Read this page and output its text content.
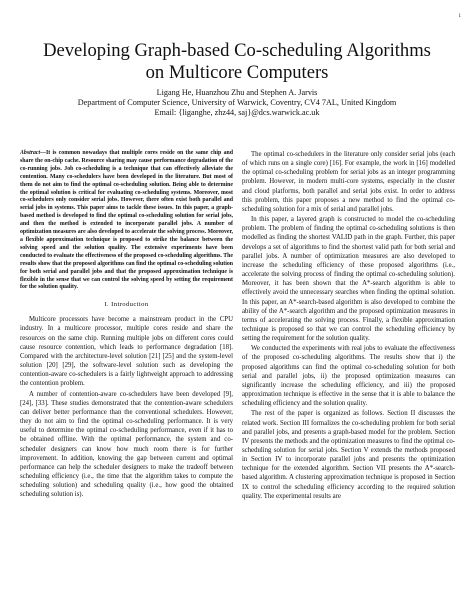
1
Developing Graph-based Co-scheduling Algorithms
on Multicore Computers
Ligang He, Huanzhou Zhu and Stephen A. Jarvis
Department of Computer Science, University of Warwick, Coventry, CV4 7AL, United Kingdom
Email: {liganghe, zhz44, saj}@dcs.warwick.ac.uk

Abstract—It is common nowadays that multiple cores reside on the same chip and share the on-chip cache. Resource sharing may cause performance degradation of the co-running jobs. Job co-scheduling is a technique that can effectively alleviate the contention. Many co-schedulers have been developed in the literature. But most of them do not aim to find the optimal co-scheduling solution. Being able to determine the optimal solution is critical for evaluating co-scheduling systems. Moreover, most co-schedulers only consider serial jobs. However, there often exist both parallel and serial jobs in systems. This paper aims to tackle these issues. In this paper, a graph-based method is developed to find the optimal co-scheduling solution for serial jobs, and then the method is extended to incorporate parallel jobs. A number of optimization measures are also developed to accelerate the solving process. Moreover, a flexible approximation technique is proposed to strike the balance between the solving speed and the solution quality. The extensive experiments have been conducted to evaluate the effectiveness of the proposed co-scheduling algorithms. The results show that the proposed algorithms can find the optimal co-scheduling solution for both serial and parallel jobs and that the proposed approximation technique is flexible in the sense that we can control the solving speed by setting the requirement for the solution quality.

I. Introduction

Multicore processors have become a mainstream product in the CPU industry. In a multicore processor, multiple cores reside and share the resources on the same chip. Running multiple jobs on different cores could cause resource contention, which leads to performance degradation [18]. Compared with the architecture-level solution [21] [25] and the system-level solution [20] [29], the software-level solution such as developing the contention-aware co-schedulers is a fairly lightweight approach to addressing the contention problem.

A number of contention-aware co-schedulers have been developed [9], [24], [33]. These studies demonstrated that the contention-aware schedulers can deliver better performance than the conventional schedulers. However, they do not aim to find the optimal co-scheduling performance. It is very useful to determine the optimal co-scheduling performance, even if it has to be obtained offline. With the optimal performance, the system and co-scheduler designers can know how much room there is for further improvement. In addition, knowing the gap between current and optimal performance can help the scheduler designers to make the tradeoff between scheduling efficiency (i.e., the time that the algorithm takes to compute the scheduling solution) and scheduling quality (i.e., how good the obtained scheduling solution is).

The optimal co-schedulers in the literature only consider serial jobs (each of which runs on a single core) [16]. For example, the work in [16] modelled the optimal co-scheduling problem for serial jobs as an integer programming problem. However, in modern multi-core systems, especially in the cluster and cloud platforms, both parallel and serial jobs exist. In order to address this problem, this paper proposes a new method to find the optimal co-scheduling solution for a mix of serial and parallel jobs.

In this paper, a layered graph is constructed to model the co-scheduling problem. The problem of finding the optimal co-scheduling solutions is then modelled as finding the shortest VALID path in the graph. Further, this paper develops a set of algorithms to find the shortest valid path for both serial and parallel jobs. A number of optimization measures are also developed to increase the scheduling efficiency of these proposed algorithms (i.e., accelerate the solving process of finding the optimal co-scheduling solution). Moreover, it has been shown that the A*-search algorithm is able to effectively avoid the unnecessary searches when finding the optimal solution. In this paper, an A*-search-based algorithm is also developed to combine the ability of the A*-search algorithm and the proposed optimization measures in terms of accelerating the solving process. Finally, a flexible approximation technique is proposed so that we can control the scheduling efficiency by setting the requirement for the solution quality.

We conducted the experiments with real jobs to evaluate the effectiveness of the proposed co-scheduling algorithms. The results show that i) the proposed algorithms can find the optimal co-scheduling solution for both serial and parallel jobs, ii) the proposed optimization measures can significantly increase the scheduling efficiency, and iii) the proposed approximation technique is effective in the sense that it is able to balance the scheduling efficiency and the solution quality.

The rest of the paper is organized as follows. Section II discusses the related work. Section III formalizes the co-scheduling problem for both serial and parallel jobs, and presents a graph-based model for the problem. Section IV presents the methods and the optimization measures to find the optimal co-scheduling solution for serial jobs. Section V extends the methods proposed in Section IV to incorporate parallel jobs and presents the optimization technique for the extended algorithm. Section VII presents the A*-search-based algorithm. A clustering approximation technique is proposed in Section IX to control the scheduling efficiency according to the required solution quality. The experimental results are
